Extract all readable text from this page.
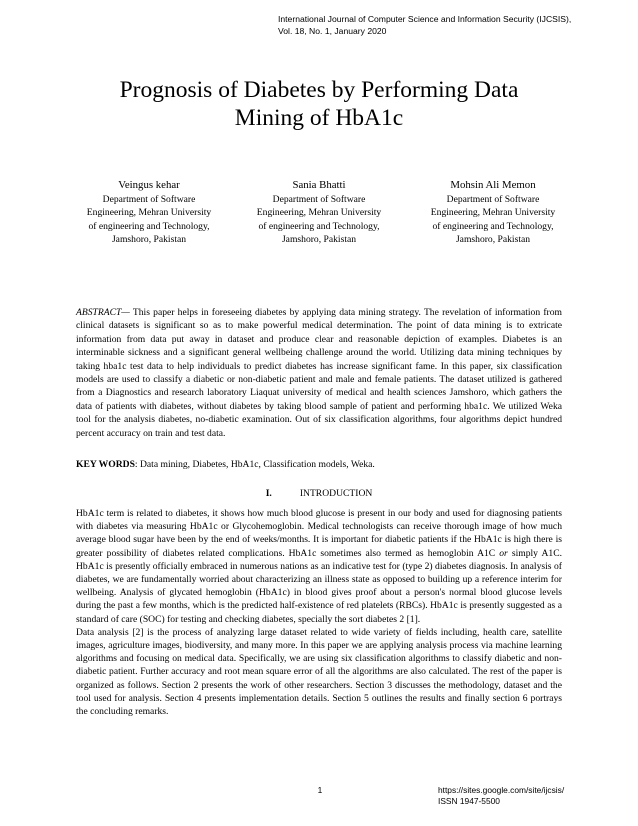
International Journal of Computer Science and Information Security (IJCSIS),
Vol. 18, No. 1, January 2020
Prognosis of Diabetes by Performing Data
Mining of HbA1c
Veingus kehar
Department of Software
Engineering, Mehran University
of engineering and Technology,
Jamshoro, Pakistan
Sania Bhatti
Department of Software
Engineering, Mehran University
of engineering and Technology,
Jamshoro, Pakistan
Mohsin Ali Memon
Department of Software
Engineering, Mehran University
of engineering and Technology,
Jamshoro, Pakistan
ABSTRACT— This paper helps in foreseeing diabetes by applying data mining strategy. The revelation of information from clinical datasets is significant so as to make powerful medical determination. The point of data mining is to extricate information from data put away in dataset and produce clear and reasonable depiction of examples. Diabetes is an interminable sickness and a significant general wellbeing challenge around the world. Utilizing data mining techniques by taking hba1c test data to help individuals to predict diabetes has increase significant fame. In this paper, six classification models are used to classify a diabetic or non-diabetic patient and male and female patients. The dataset utilized is gathered from a Diagnostics and research laboratory Liaquat university of medical and health sciences Jamshoro, which gathers the data of patients with diabetes, without diabetes by taking blood sample of patient and performing hba1c. We utilized Weka tool for the analysis diabetes, no-diabetic examination. Out of six classification algorithms, four algorithms depict hundred percent accuracy on train and test data.
KEY WORDS: Data mining, Diabetes, HbA1c, Classification models, Weka.
I.	INTRODUCTION

HbA1c term is related to diabetes, it shows how much blood glucose is present in our body and used for diagnosing patients with diabetes via measuring HbA1c or Glycohemoglobin. Medical technologists can receive thorough image of how much average blood sugar have been by the end of weeks/months. It is important for diabetic patients if the HbA1c is high there is greater possibility of diabetes related complications. HbA1c sometimes also termed as hemoglobin A1C or simply A1C. HbA1c is presently officially embraced in numerous nations as an indicative test for (type 2) diabetes diagnosis. In analysis of diabetes, we are fundamentally worried about characterizing an illness state as opposed to building up a reference interim for wellbeing. Analysis of glycated hemoglobin (HbA1c) in blood gives proof about a person's normal blood glucose levels during the past a few months, which is the predicted half-existence of red platelets (RBCs). HbA1c is presently suggested as a standard of care (SOC) for testing and checking diabetes, specially the sort diabetes 2 [1].

Data analysis [2] is the process of analyzing large dataset related to wide variety of fields including, health care, satellite images, agriculture images, biodiversity, and many more. In this paper we are applying analysis process via machine learning algorithms and focusing on medical data. Specifically, we are using six classification algorithms to classify diabetic and non-diabetic patient. Further accuracy and root mean square error of all the algorithms are also calculated. The rest of the paper is organized as follows. Section 2 presents the work of other researchers. Section 3 discusses the methodology, dataset and the tool used for analysis. Section 4 presents implementation details. Section 5 outlines the results and finally section 6 portrays the concluding remarks.

1	https://sites.google.com/site/ijcsis/
ISSN 1947-5500
